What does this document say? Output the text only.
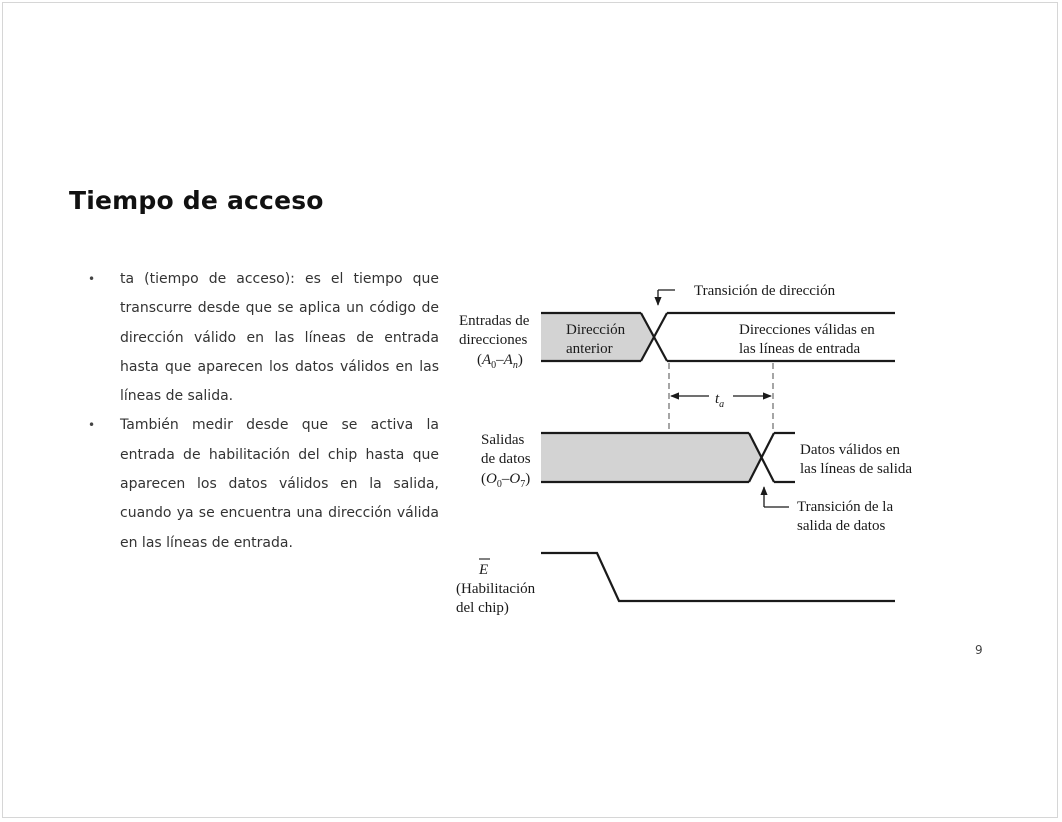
Tiempo de acceso
• ta (tiempo de acceso): es el tiempo que transcurre desde que se aplica un código de dirección válido en las líneas de entrada hasta que aparecen los datos válidos en las líneas de salida.
• También medir desde que se activa la entrada de habilitación del chip hasta que aparecen los datos válidos en la salida, cuando ya se encuentra una dirección válida en las líneas de entrada.
Transición de dirección
Entradas de direcciones
$(A_0-A_n)$
Dirección anterior
Direcciones válidas en las líneas de entrada
$t_a$
Salidas de datos
$(O_0-O_7)$
Datos válidos en las líneas de salida
Transición de la salida de datos
E
(Habilitación del chip)
9
